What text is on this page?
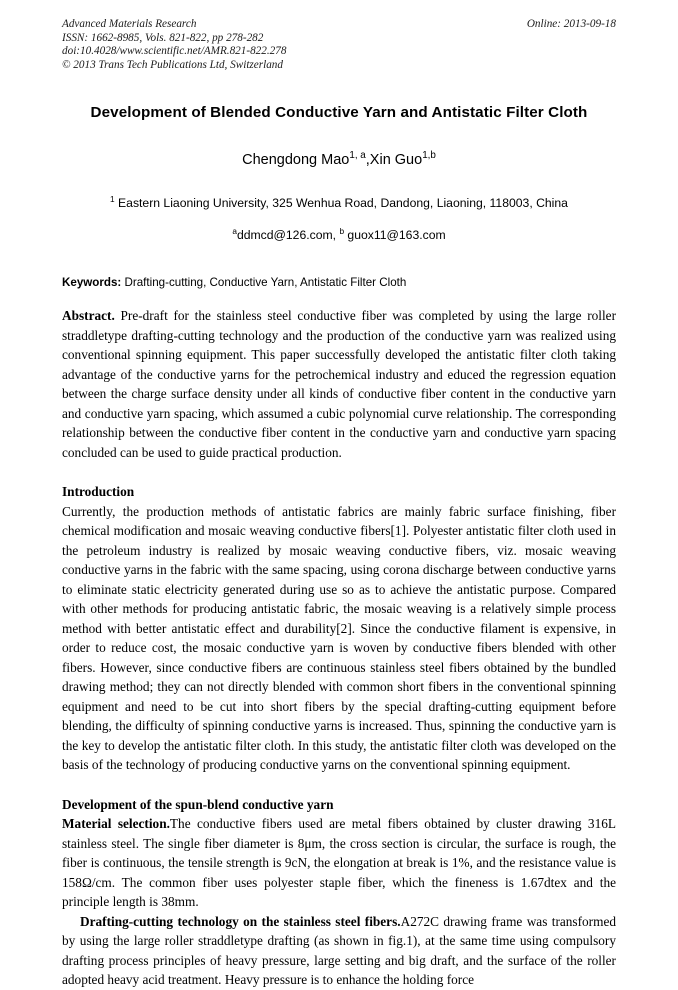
Advanced Materials Research
ISSN: 1662-8985, Vols. 821-822, pp 278-282
doi:10.4028/www.scientific.net/AMR.821-822.278
© 2013 Trans Tech Publications Ltd, Switzerland
Online: 2013-09-18
Development of Blended Conductive Yarn and Antistatic Filter Cloth
Chengdong Mao$^{1, a}$,Xin Guo$^{1,b}$
$^1$ Eastern Liaoning University, 325 Wenhua Road, Dandong, Liaoning, 118003, China
$^a$ddmcd@126.com, $^b$ guox11@163.com
Keywords: Drafting-cutting, Conductive Yarn, Antistatic Filter Cloth
Abstract. Pre-draft for the stainless steel conductive fiber was completed by using the large roller straddletype drafting-cutting technology and the production of the conductive yarn was realized using conventional spinning equipment. This paper successfully developed the antistatic filter cloth taking advantage of the conductive yarns for the petrochemical industry and educed the regression equation between the charge surface density under all kinds of conductive fiber content in the conductive yarn and conductive yarn spacing, which assumed a cubic polynomial curve relationship. The corresponding relationship between the conductive fiber content in the conductive yarn and conductive yarn spacing concluded can be used to guide practical production.
Introduction
Currently, the production methods of antistatic fabrics are mainly fabric surface finishing, fiber chemical modification and mosaic weaving conductive fibers[1]. Polyester antistatic filter cloth used in the petroleum industry is realized by mosaic weaving conductive fibers, viz. mosaic weaving conductive yarns in the fabric with the same spacing, using corona discharge between conductive yarns to eliminate static electricity generated during use so as to achieve the antistatic purpose. Compared with other methods for producing antistatic fabric, the mosaic weaving is a relatively simple process method with better antistatic effect and durability[2]. Since the conductive filament is expensive, in order to reduce cost, the mosaic conductive yarn is woven by conductive fibers blended with other fibers. However, since conductive fibers are continuous stainless steel fibers obtained by the bundled drawing method; they can not directly blended with common short fibers in the conventional spinning equipment and need to be cut into short fibers by the special drafting-cutting equipment before blending, the difficulty of spinning conductive yarns is increased. Thus, spinning the conductive yarn is the key to develop the antistatic filter cloth. In this study, the antistatic filter cloth was developed on the basis of the technology of producing conductive yarns on the conventional spinning equipment.
Development of the spun-blend conductive yarn
Material selection.The conductive fibers used are metal fibers obtained by cluster drawing 316L stainless steel. The single fiber diameter is 8μm, the cross section is circular, the surface is rough, the fiber is continuous, the tensile strength is 9cN, the elongation at break is 1%, and the resistance value is 158Ω/cm. The common fiber uses polyester staple fiber, which the fineness is 1.67dtex and the principle length is 38mm.
Drafting-cutting technology on the stainless steel fibers.A272C drawing frame was transformed by using the large roller straddletype drafting (as shown in fig.1), at the same time using compulsory drafting process principles of heavy pressure, large setting and big draft, and the surface of the roller adopted heavy acid treatment. Heavy pressure is to enhance the holding force
